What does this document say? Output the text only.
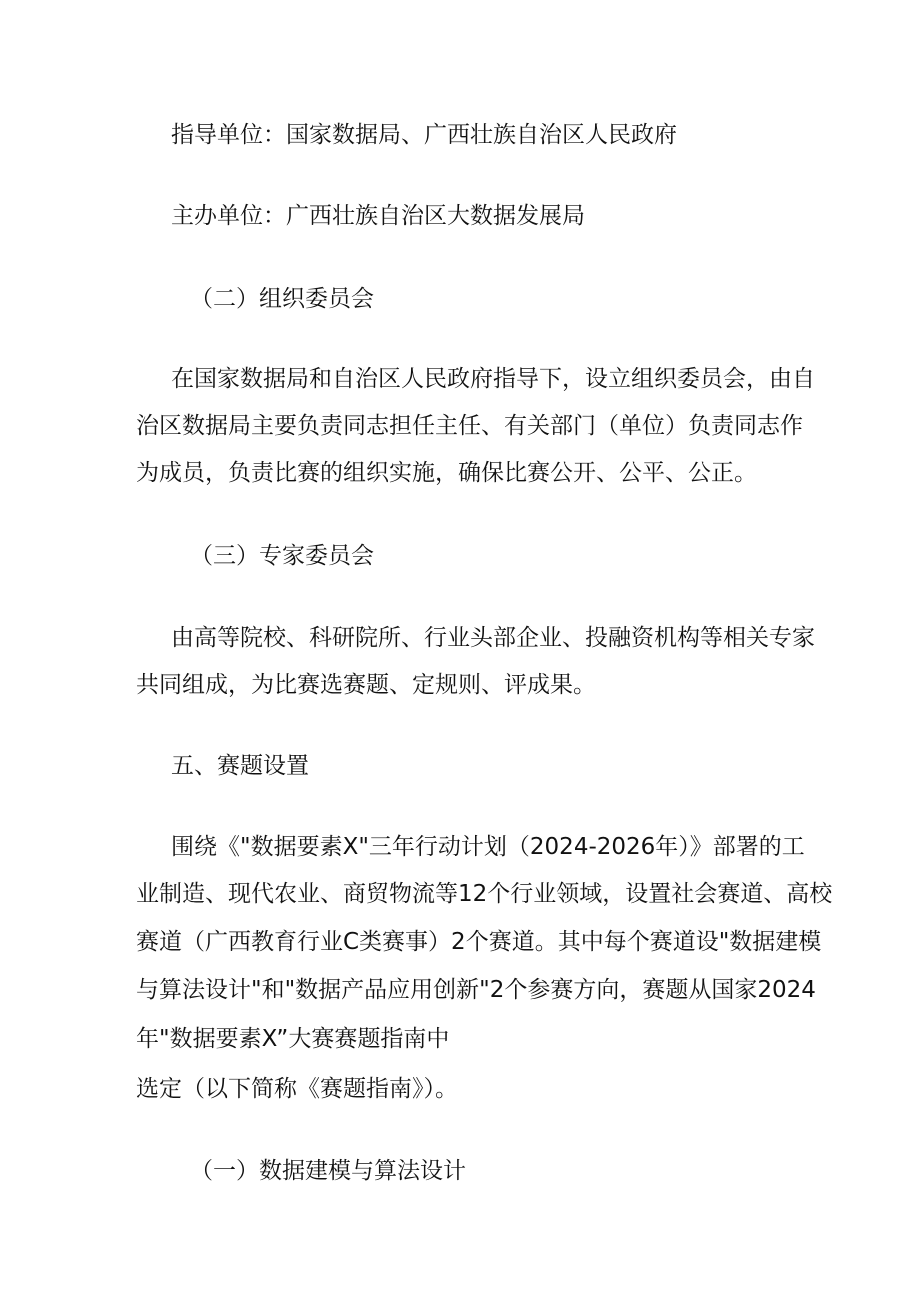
指导单位：国家数据局、广西壮族自治区人民政府
主办单位：广西壮族自治区大数据发展局
（二）组织委员会
在国家数据局和自治区人民政府指导下，设立组织委员会，由自
治区数据局主要负责同志担任主任、有关部门（单位）负责同志作
为成员，负责比赛的组织实施，确保比赛公开、公平、公正。
（三）专家委员会
由高等院校、科研院所、行业头部企业、投融资机构等相关专家
共同组成，为比赛选赛题、定规则、评成果。
五、赛题设置
围绕《"数据要素X"三年行动计划（2024-2026年）》部署的工
业制造、现代农业、商贸物流等12个行业领域，设置社会赛道、高校
赛道（广西教育行业C类赛事）2个赛道。其中每个赛道设"数据建模
与算法设计"和"数据产品应用创新"2个参赛方向，赛题从国家2024
年"数据要素X”大赛赛题指南中
选定（以下简称《赛题指南》）。
（一）数据建模与算法设计
